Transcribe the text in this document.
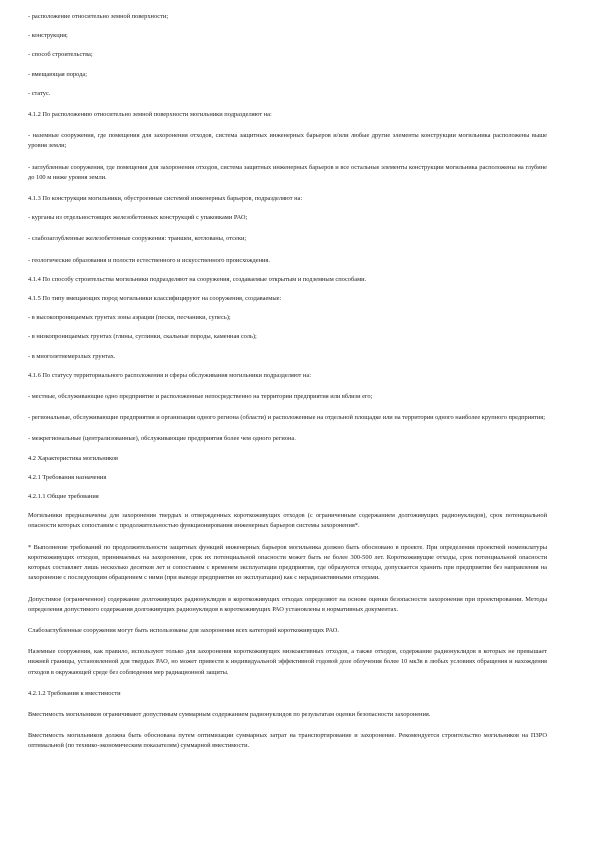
- расположение относительно земной поверхности;

- конструкция;

- способ строительства;

- вмещающая порода;

- статус.

4.1.2 По расположению относительно земной поверхности могильники подразделяют на:

- наземные сооружения, где помещения для захоронения отходов, система защитных инженерных барьеров и/или любые другие элементы конструкции могильника расположены выше уровня земли;

- заглубленные сооружения, где помещения для захоронения отходов, система защитных инженерных барьеров и все остальные элементы конструкции могильника расположены на глубине до 100 м ниже уровня земли.

4.1.3 По конструкции могильники, обустроенные системой инженерных барьеров, подразделяют на:

- курганы из отдельностоящих железобетонных конструкций с упаковками РАО;

- слабозаглубленные железобетонные сооружения: траншеи, котлованы, отсеки;

- геологические образования и полости естественного и искусственного происхождения.

4.1.4 По способу строительства могильники подразделяют на сооружения, создаваемые открытым и подземным способами.

4.1.5 По типу вмещающих пород могильники классифицируют на сооружения, создаваемые:

- в высокопроницаемых грунтах зоны аэрации (пески, песчаники, супесь);

- в низкопроницаемых грунтах (глины, суглинки, скальные породы, каменная соль);

- в многолетнемерзлых грунтах.

4.1.6 По статусу территориального расположения и сферы обслуживания могильники подразделяют на:

- местные, обслуживающие одно предприятие и расположенные непосредственно на территории предприятия или вблизи его;

- региональные, обслуживающие предприятия и организации одного региона (области) и расположенные на отдельной площадке или на территории одного наиболее крупного предприятия;

- межрегиональные (централизованные), обслуживающие предприятия более чем одного региона.

4.2 Характеристика могильников

4.2.1 Требования назначения

4.2.1.1 Общие требования

Могильники предназначены для захоронения твердых и отвержденных короткоживущих отходов (с ограниченным содержанием долгоживущих радионуклидов), срок потенциальной опасности которых сопоставим с продолжительностью функционирования инженерных барьеров системы захоронения*.

* Выполнение требований по продолжительности защитных функций инженерных барьеров могильника должно быть обосновано в проекте. При определении проектной номенклатуры короткоживущих отходов, принимаемых на захоронение, срок их потенциальной опасности может быть не более 300-500 лет. Короткоживущие отходы, срок потенциальной опасности которых составляет лишь несколько десятков лет и сопоставим с временем эксплуатации предприятия, где образуются отходы, допускается хранить при предприятии без направления на захоронение с последующим обращением с ними (при выводе предприятия из эксплуатации) как с нерадиоактивными отходами.

Допустимое (ограниченное) содержание долгоживущих радионуклидов в короткоживущих отходах определяют на основе оценки безопасности захоронения при проектировании. Методы определения допустимого содержания долгоживущих радионуклидов в короткоживущих РАО установлены в нормативных документах.

Слабозаглубленные сооружения могут быть использованы для захоронения всех категорий короткоживущих РАО.

Наземные сооружения, как правило, используют только для захоронения короткоживущих низкоактивных отходов, а также отходов, содержание радионуклидов в которых не превышает нижней границы, установленной для твердых РАО, но может привести к индивидуальной эффективной годовой дозе облучения более 10 мкЗв в любых условиях обращения и нахождения отходов в окружающей среде без соблюдения мер радиационной защиты.

4.2.1.2 Требования к вместимости

Вместимость могильников ограничивают допустимым суммарным содержанием радионуклидов по результатам оценки безопасности захоронения.

Вместимость могильников должна быть обоснована путем оптимизации суммарных затрат на транспортирование и захоронение. Рекомендуется строительство могильников на ПЗРО оптимальной (по технико-экономическим показателям) суммарной вместимости.
